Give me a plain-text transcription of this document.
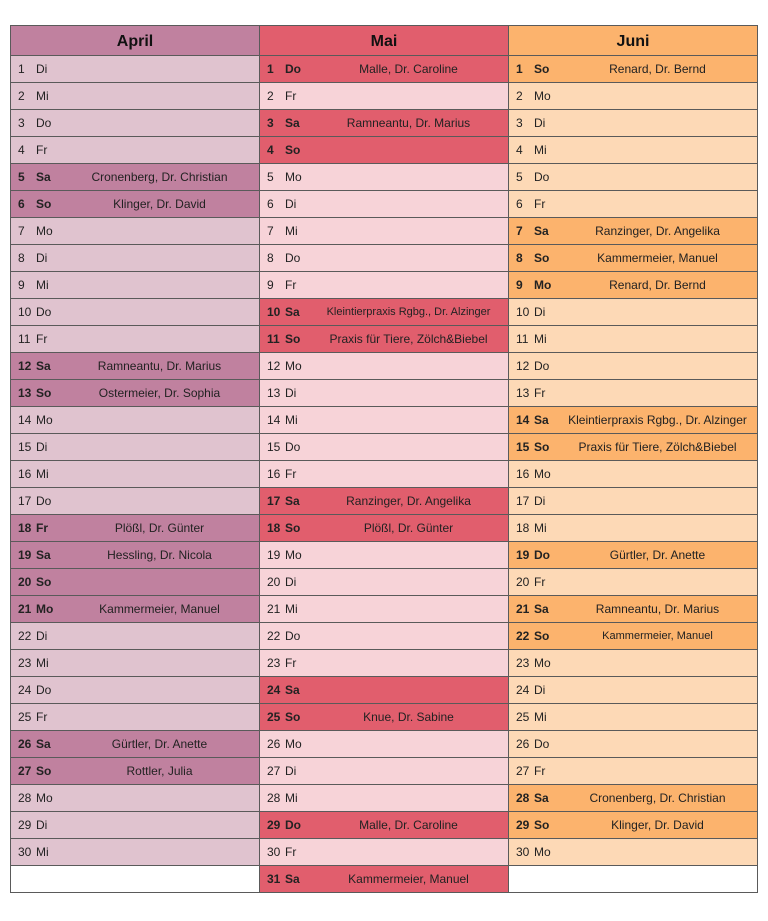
April
1 Di
2 Mi
3 Do
4 Fr
5 Sa	Cronenberg, Dr. Christian
6 So	Klinger, Dr. David
7 Mo
8 Di
9 Mi
10 Do
11 Fr
12 Sa	Ramneantu, Dr. Marius
13 So	Ostermeier, Dr. Sophia
14 Mo
15 Di
16 Mi
17 Do
18 Fr	Plößl, Dr. Günter
19 Sa	Hessling, Dr. Nicola
20 So
21 Mo	Kammermeier, Manuel
22 Di
23 Mi
24 Do
25 Fr
26 Sa	Gürtler, Dr. Anette
27 So	Rottler, Julia
28 Mo
29 Di
30 Mi
Mai
1 Do	Malle, Dr. Caroline
2 Fr
3 Sa	Ramneantu, Dr. Marius
4 So
5 Mo
6 Di
7 Mi
8 Do
9 Fr
10 Sa	Kleintierpraxis Rgbg., Dr. Alzinger
11 So	Praxis für Tiere, Zölch&Biebel
12 Mo
13 Di
14 Mi
15 Do
16 Fr
17 Sa	Ranzinger, Dr. Angelika
18 So	Plößl, Dr. Günter
19 Mo
20 Di
21 Mi
22 Do
23 Fr
24 Sa
25 So	Knue, Dr. Sabine
26 Mo
27 Di
28 Mi
29 Do	Malle, Dr. Caroline
30 Fr
31 Sa	Kammermeier, Manuel
Juni
1 So	Renard, Dr. Bernd
2 Mo
3 Di
4 Mi
5 Do
6 Fr
7 Sa	Ranzinger, Dr. Angelika
8 So	Kammermeier, Manuel
9 Mo	Renard, Dr. Bernd
10 Di
11 Mi
12 Do
13 Fr
14 Sa	Kleintierpraxis Rgbg., Dr. Alzinger
15 So	Praxis für Tiere, Zölch&Biebel
16 Mo
17 Di
18 Mi
19 Do	Gürtler, Dr. Anette
20 Fr
21 Sa	Ramneantu, Dr. Marius
22 So	Kammermeier, Manuel
23 Mo
24 Di
25 Mi
26 Do
27 Fr
28 Sa	Cronenberg, Dr. Christian
29 So	Klinger, Dr. David
30 Mo
